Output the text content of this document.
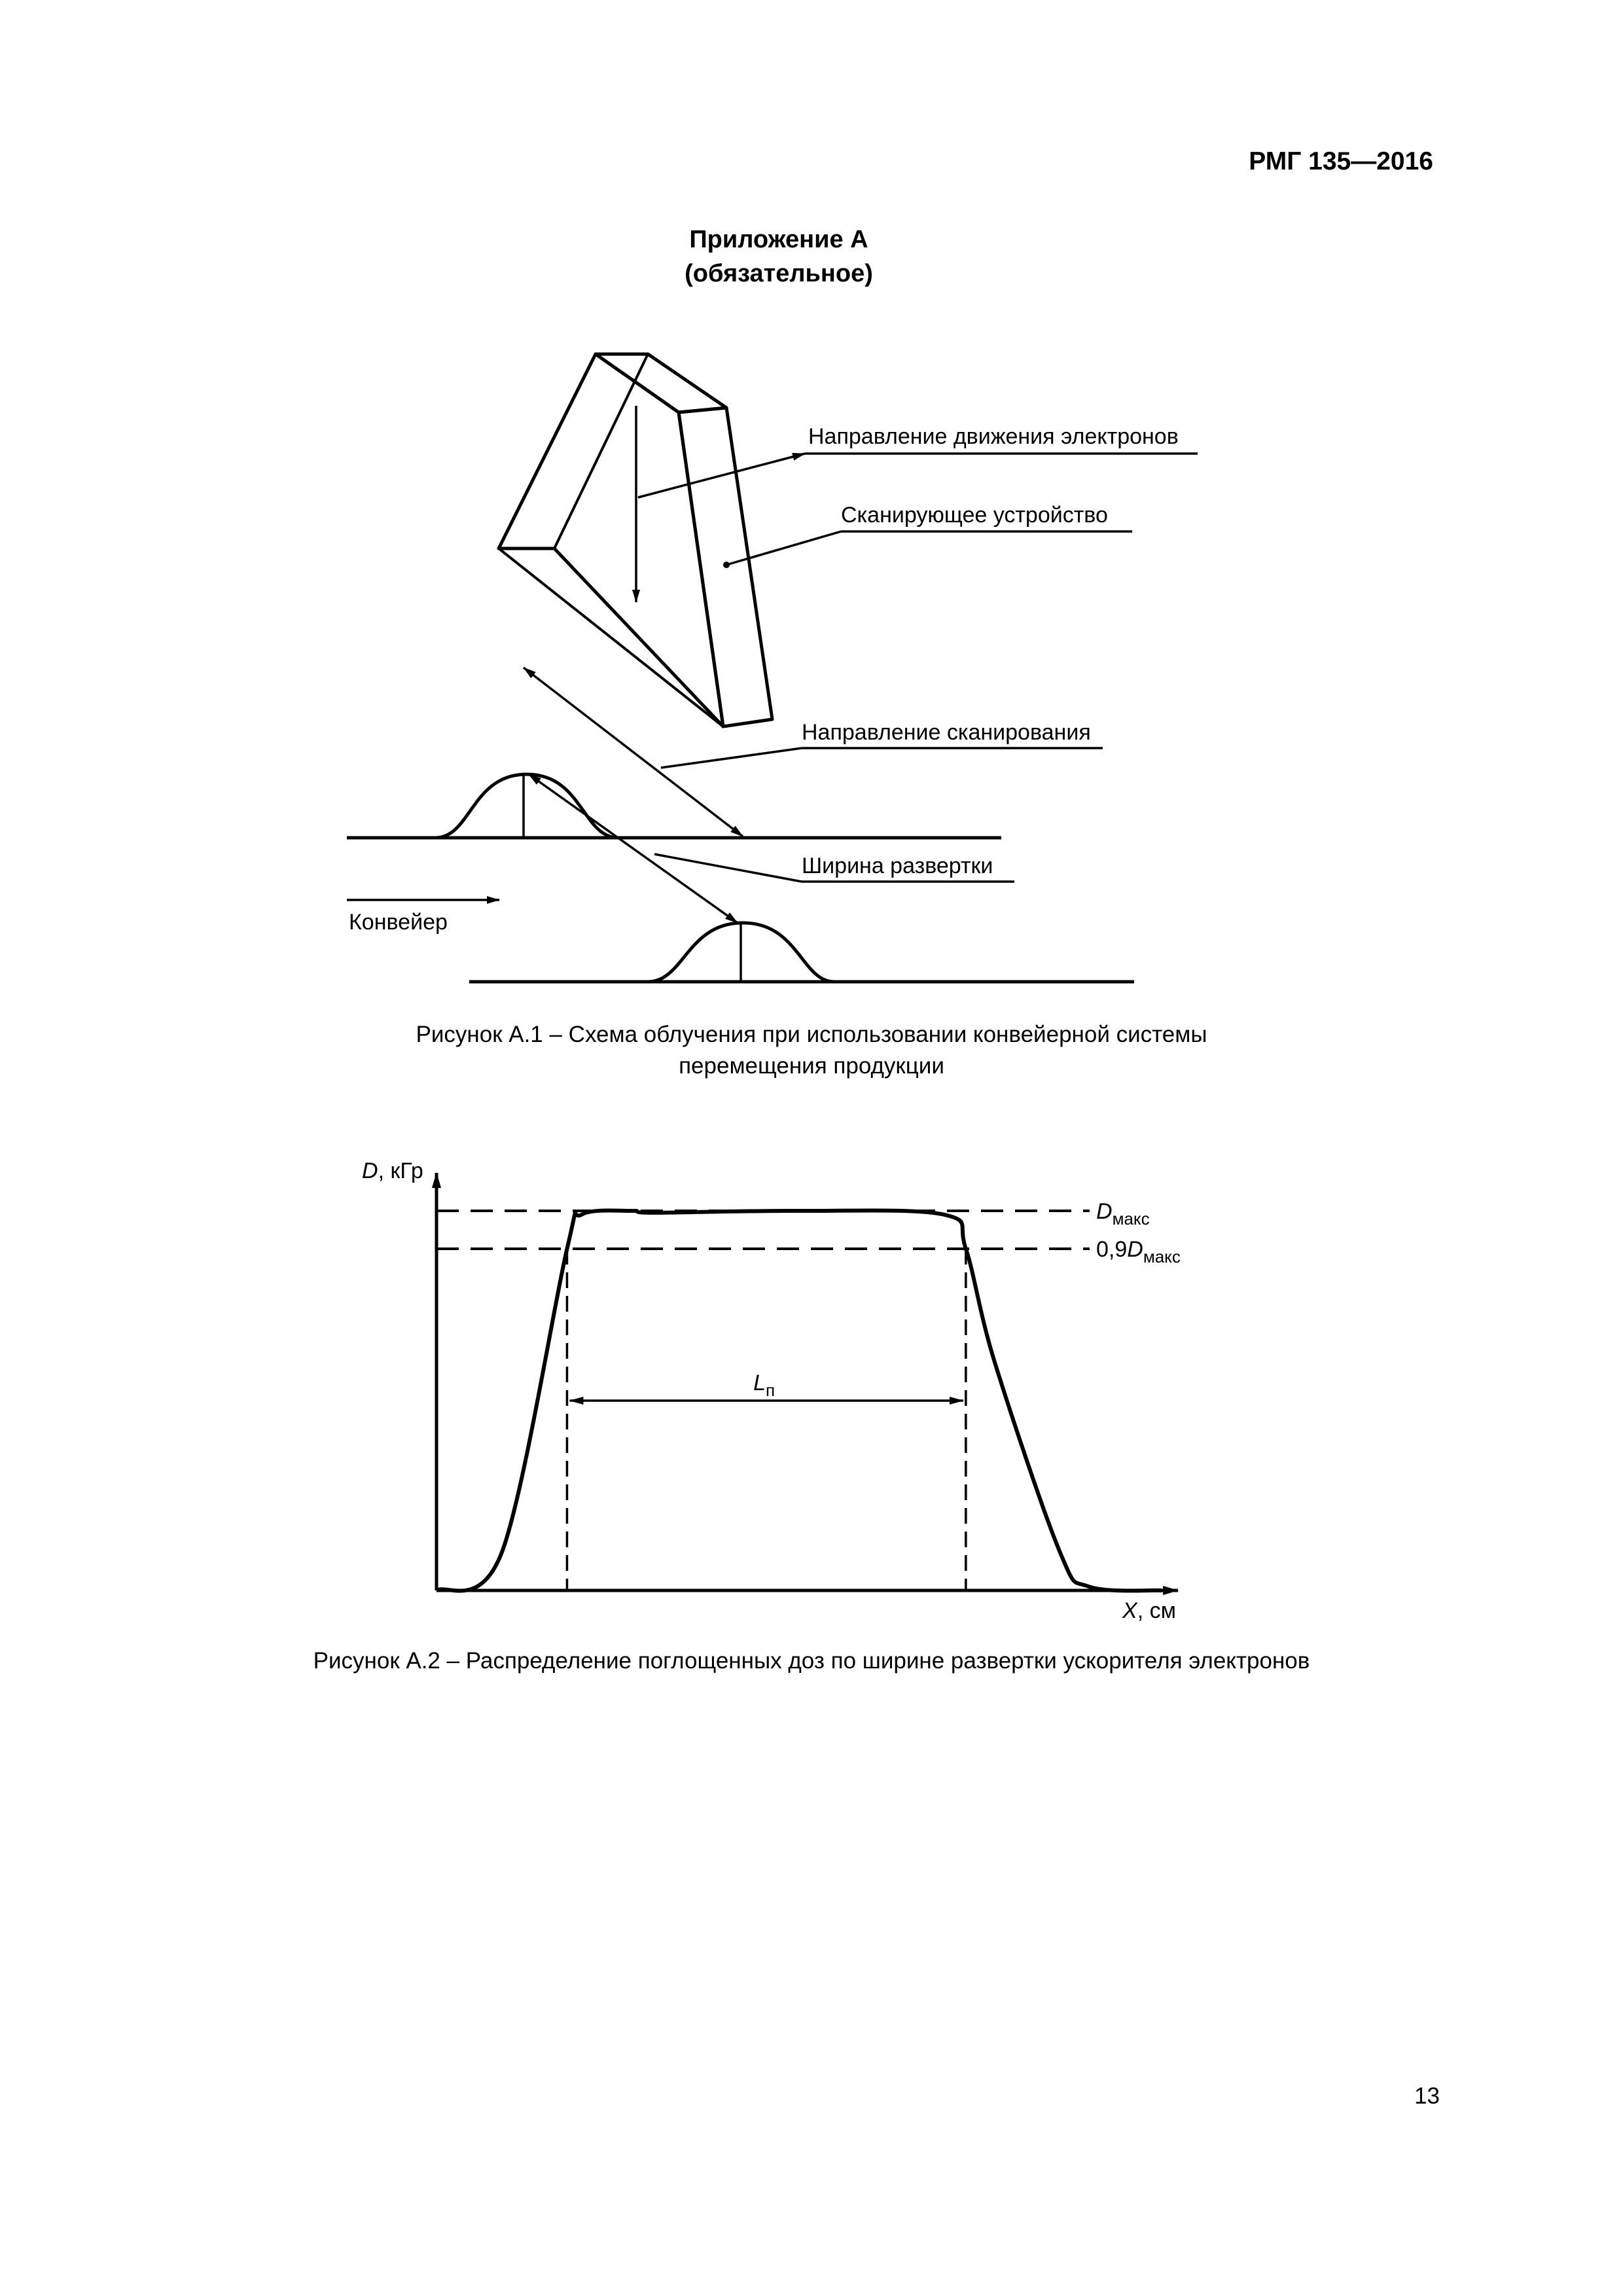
РМГ 135—2016
Приложение А
(обязательное)
Направление движения электронов
Сканирующее устройство
Направление сканирования
Ширина развертки
Конвейер
Рисунок А.1 – Схема облучения при использовании конвейерной системы
перемещения продукции
D, кГр
X, см
$D_{макс}$
$0,9D_{макс}$
$L_п$
Рисунок А.2 – Распределение поглощенных доз по ширине развертки ускорителя электронов
13
